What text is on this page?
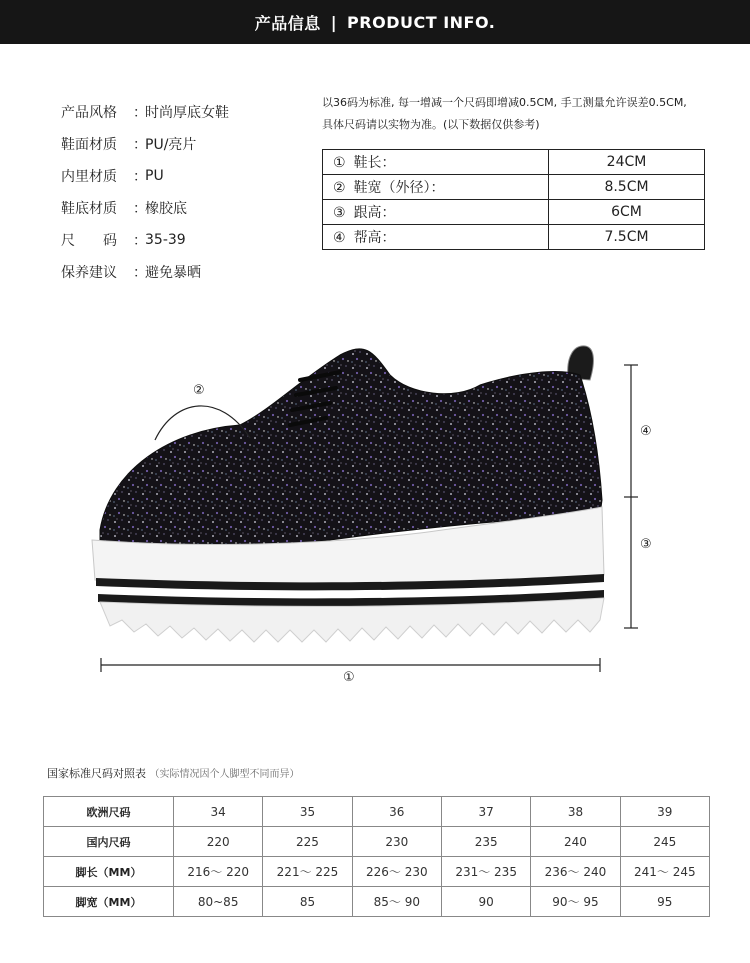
产品信息 | PRODUCT INFO.
产品风格	：
时尚厚底女鞋
鞋面材质	：
PU/亮片
内里材质	：
PU
鞋底材质	：
橡胶底
尺　　码	：
35-39
保养建议	：
避免暴晒
以36码为标准, 每一增减一个尺码即增减0.5CM, 手工测量允许误差0.5CM,
具体尺码请以实物为准。(以下数据仅供参考)
① 鞋长：	24CM
② 鞋宽（外径）：	8.5CM
③ 跟高：	6CM
④ 帮高：	7.5CM
②
④
③
①
国家标准尺码对照表 （实际情况因个人脚型不同而异）
欧洲尺码	34	35	36	37	38	39
国内尺码	220	225	230	235	240	245
脚长（MM）	216～ 220	221～ 225	226～ 230	231～ 235	236～ 240	241～ 245
脚宽（MM）	80~85	85	85～ 90	90	90～ 95	95
